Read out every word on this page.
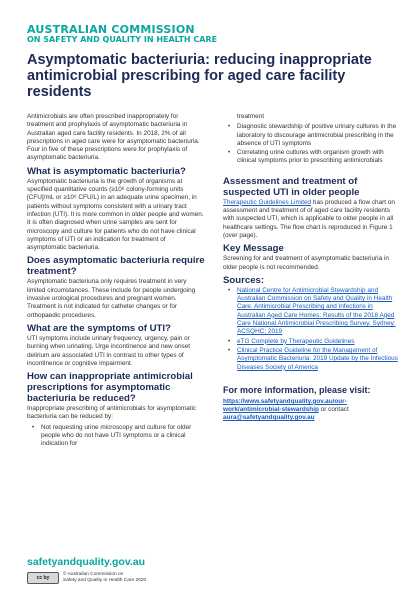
AUSTRALIAN COMMISSION
ON SAFETY AND QUALITY IN HEALTH CARE
Asymptomatic bacteriuria: reducing inappropriate antimicrobial prescribing for aged care facility residents

Antimicrobials are often prescribed inappropriately for treatment and prophylaxis of asymptomatic bacteriuria in Australian aged care facility residents. In 2018, 2% of all prescriptions in aged care were for asymptomatic bacteriuria. Four in five of these prescriptions were for prophylaxis of asymptomatic bacteriuria.

What is asymptomatic bacteriuria?

Asymptomatic bacteriuria is the growth of organisms at specified quantitative counts (≥10⁸ colony-forming units [CFU]/mL or ≥10⁸ CFU/L) in an adequate urine specimen, in patients without symptoms consistent with a urinary tract infection (UTI). It is more common in older people and women. It is often diagnosed when urine samples are sent for microscopy and culture for patients who do not have clinical symptoms of UTI or an indication for treatment of asymptomatic bacteriuria.

Does asymptomatic bacteriuria require treatment?

Asymptomatic bacteriuria only requires treatment in very limited circumstances. These include for people undergoing invasive urological procedures and pregnant women. Treatment is not indicated for catheter changes or for orthopaedic procedures.

What are the symptoms of UTI?

UTI symptoms include urinary frequency, urgency, pain or burning when urinating. Urge incontinence and new onset delirium are associated UTI in contrast to other types of incontinence or cognitive impairment.

How can inappropriate antimicrobial prescriptions for asymptomatic bacteriuria be reduced?

Inappropriate prescribing of antimicrobials for asymptomatic bacteriuria can be reduced by:

• Not requesting urine microscopy and culture for older people who do not have UTI symptoms or a clinical indication for
safetyandquality.gov.au
cc by
© Australian Commission on
Safety and Quality in Health Care 2020

treatment

• Diagnostic stewardship of positive urinary cultures in the laboratory to discourage antimicrobial prescribing in the absence of UTI symptoms
• Correlating urine cultures with organism growth with clinical symptoms prior to prescribing antimicrobials
Assessment and treatment of suspected UTI in older people

Therapeutic Guidelines Limited has produced a flow chart on assessment and treatment of of aged care facility residents with suspected UTI, which is applicable to older people in all healthcare settings. The flow chart is reproduced in Figure 1 (over page).

Key Message

Screening for and treatment of asymptomatic bacteriuria in older people is not recommended.

Sources:
• National Centre for Antimicrobial Stewardship and Australian Commission on Safety and Quality in Health Care. Antimicrobial Prescribing and Infections in Australian Aged Care Homes: Results of the 2018 Aged Care National Antimicrobial Prescribing Survey. Sydney: ACSQHC; 2019
• eTG Complete by Therapeutic Guidelines
• Clinical Practice Guideline for the Management of Asymptomatic Bacteriuria: 2019 Update by the Infectious Diseases Society of America

For more information, please visit:

https://www.safetyandquality.gov.au/our-work/antimicrobial-stewardship or contact aura@safetyandquality.gov.au
